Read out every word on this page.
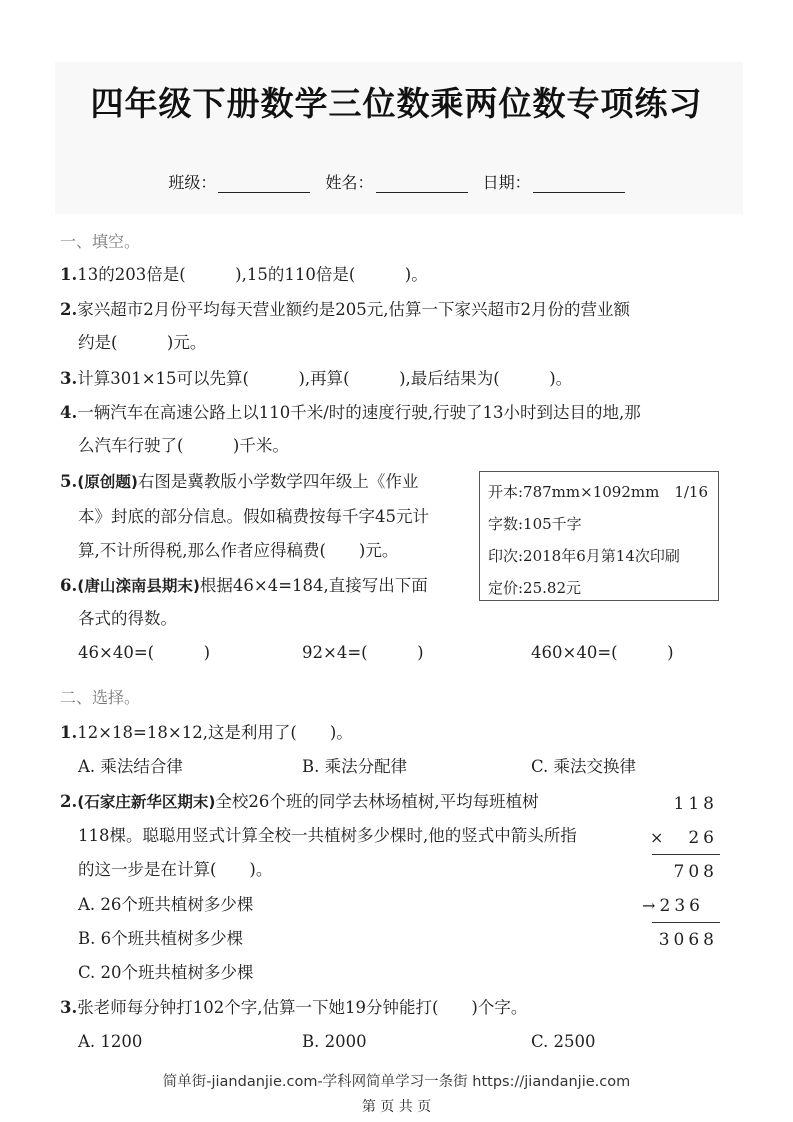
四年级下册数学三位数乘两位数专项练习
班级：	姓名：	日期：
一、填空。
1.13的203倍是(　　　),15的110倍是(　　　)。
2.家兴超市2月份平均每天营业额约是205元,估算一下家兴超市2月份的营业额
约是(　　　)元。
3.计算301×15可以先算(　　　),再算(　　　),最后结果为(　　　)。
4.一辆汽车在高速公路上以110千米/时的速度行驶,行驶了13小时到达目的地,那
么汽车行驶了(　　　)千米。
5.(原创题)右图是冀教版小学数学四年级上《作业
本》封底的部分信息。假如稿费按每千字45元计
算,不计所得税,那么作者应得稿费(　　)元。
开本:787mm×1092mm　1/16
字数:105千字
印次:2018年6月第14次印刷
定价:25.82元
6.(唐山滦南县期末)根据46×4=184,直接写出下面
各式的得数。
46×40=(　　　)	92×4=(　　　)	460×40=(　　　)
二、选择。
1.12×18=18×12,这是利用了(　　)。
A. 乘法结合律	B. 乘法分配律	C. 乘法交换律
2.(石家庄新华区期末)全校26个班的同学去林场植树,平均每班植树
118棵。聪聪用竖式计算全校一共植树多少棵时,他的竖式中箭头所指
的这一步是在计算(　　)。
A. 26个班共植树多少棵
B. 6个班共植树多少棵
C. 20个班共植树多少棵
118
× 26
708
→ 236
3068
3.张老师每分钟打102个字,估算一下她19分钟能打(　　)个字。
A. 1200	B. 2000	C. 2500
简单街-jiandanjie.com-学科网简单学习一条街 https://jiandanjie.com
第 页 共 页
